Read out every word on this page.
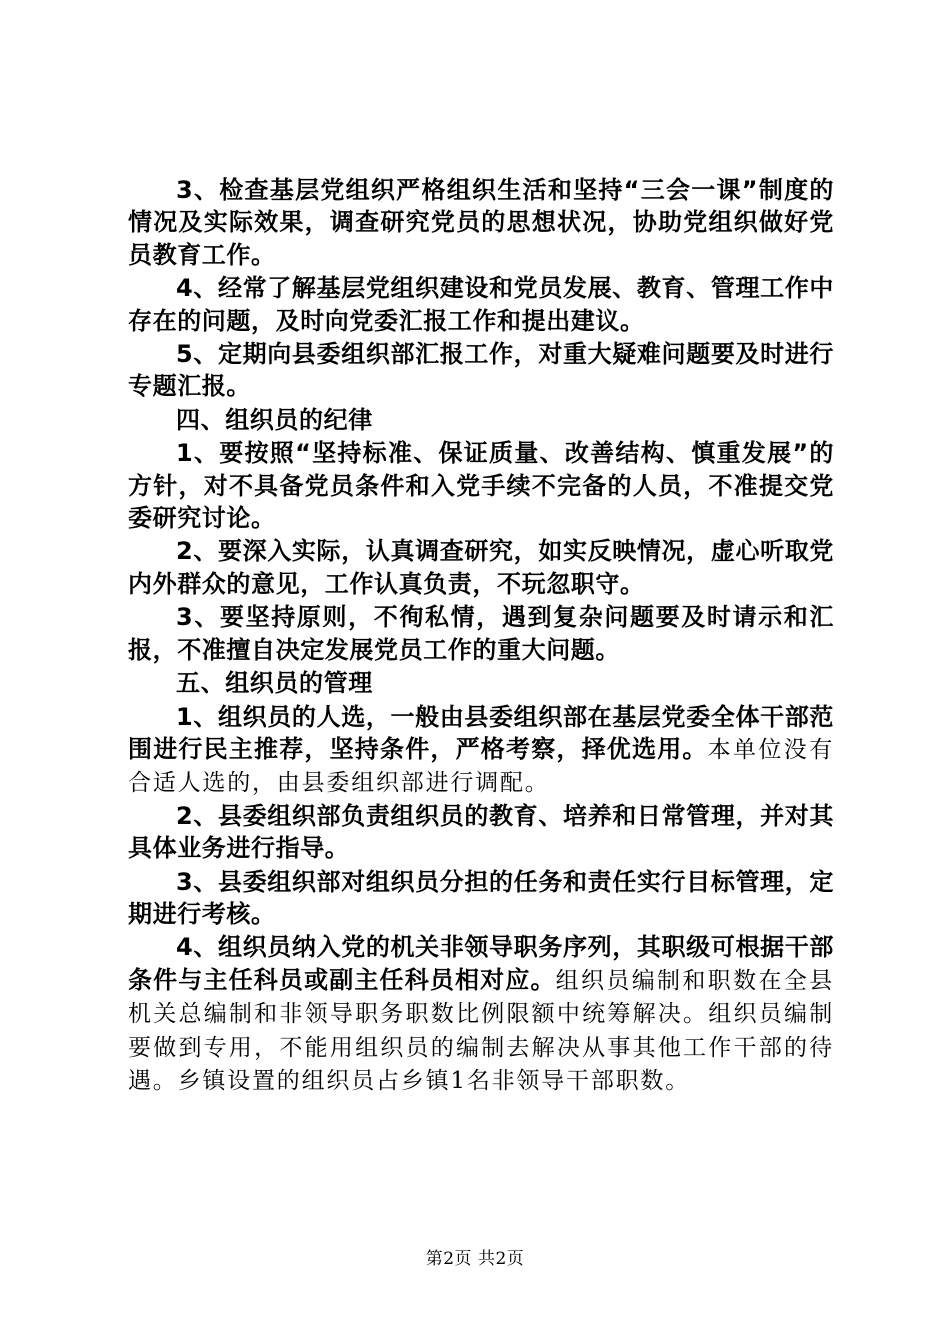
3、检查基层党组织严格组织生活和坚持“三会一课”制度的情况及实际效果，调查研究党员的思想状况，协助党组织做好党员教育工作。

4、经常了解基层党组织建设和党员发展、教育、管理工作中存在的问题，及时向党委汇报工作和提出建议。

5、定期向县委组织部汇报工作，对重大疑难问题要及时进行专题汇报。

四、组织员的纪律

1、要按照“坚持标准、保证质量、改善结构、慎重发展”的方针，对不具备党员条件和入党手续不完备的人员，不准提交党委研究讨论。

2、要深入实际，认真调查研究，如实反映情况，虚心听取党内外群众的意见，工作认真负责，不玩忽职守。

3、要坚持原则，不徇私情，遇到复杂问题要及时请示和汇报，不准擅自决定发展党员工作的重大问题。

五、组织员的管理

1、组织员的人选，一般由县委组织部在基层党委全体干部范围进行民主推荐，坚持条件，严格考察，择优选用。本单位没有合适人选的，由县委组织部进行调配。

2、县委组织部负责组织员的教育、培养和日常管理，并对其具体业务进行指导。

3、县委组织部对组织员分担的任务和责任实行目标管理，定期进行考核。

4、组织员纳入党的机关非领导职务序列，其职级可根据干部条件与主任科员或副主任科员相对应。组织员编制和职数在全县机关总编制和非领导职务职数比例限额中统筹解决。组织员编制要做到专用，不能用组织员的编制去解决从事其他工作干部的待遇。乡镇设置的组织员占乡镇1名非领导干部职数。

第2页 共2页
